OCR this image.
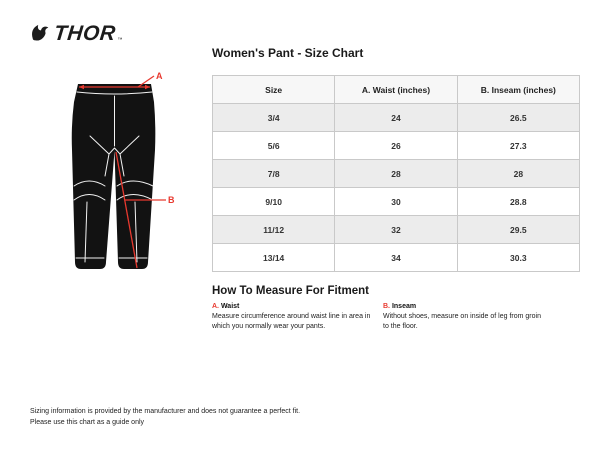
THOR ™
A
B
Women's Pant - Size Chart
Size	A. Waist (inches)	B. Inseam (inches)
3/4	24	26.5
5/6	26	27.3
7/8	28	28
9/10	30	28.8
11/12	32	29.5
13/14	34	30.3
How To Measure For Fitment
A. Waist

Measure circumference around waist line in area in which you normally wear your pants.

B. Inseam

Without shoes, measure on inside of leg from groin to the floor.

Sizing information is provided by the manufacturer and does not guarantee a perfect fit.
Please use this chart as a guide only
